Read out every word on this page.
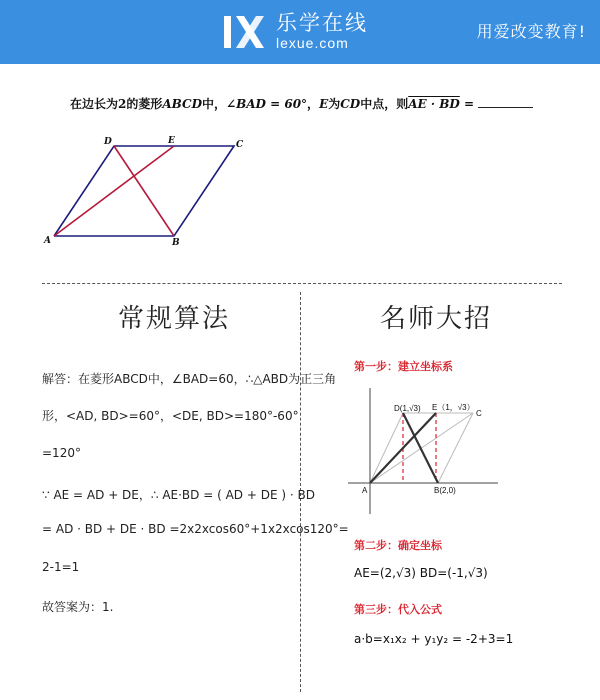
乐学在线
lexue.com
用爱改变教育!
在边长为2的菱形ABCD中，∠BAD = 60°，E为CD中点，则AE · BD =
A	B
C
D	E
常规算法	名师大招
解答：在菱形ABCD中，∠BAD=60，∴△ABD为正三角
形，<AD, BD>=60°，<DE, BD>=180°-60°
=120°
∵ AE = AD + DE，∴ AE·BD = ( AD + DE ) · BD
= AD · BD + DE · BD =2x2xcos60°+1x2xcos120°=
2-1=1
故答案为：1.
第一步：建立坐标系
A	B(2,0)
C
D(1,√3) E（1，√3）
第二步：确定坐标
AE=(2,√3) BD=(-1,√3)
第三步：代入公式
a·b=x₁x₂ + y₁y₂ = -2+3=1
